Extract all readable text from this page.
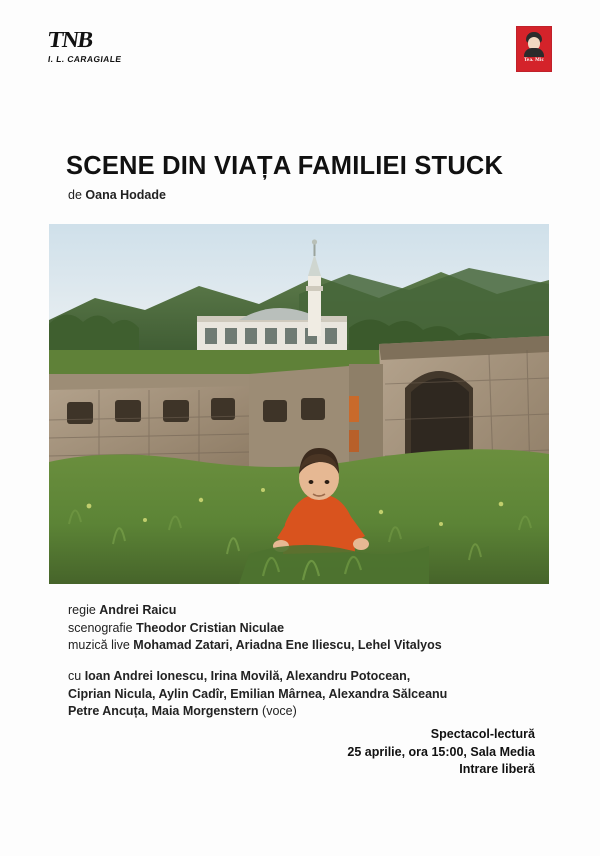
TNB
I. L. CARAGIALE	Tea. Mic
SCENE DIN VIAȚA FAMILIEI STUCK
de Oana Hodade
regie Andrei Raicu
scenografie Theodor Cristian Niculae
muzică live Mohamad Zatari, Ariadna Ene Iliescu, Lehel Vitalyos
cu Ioan Andrei Ionescu, Irina Movilă, Alexandru Potocean,
Ciprian Nicula, Aylin Cadîr, Emilian Mârnea, Alexandra Sălceanu
Petre Ancuța, Maia Morgenstern (voce)
Spectacol-lectură
25 aprilie, ora 15:00, Sala Media
Intrare liberă
